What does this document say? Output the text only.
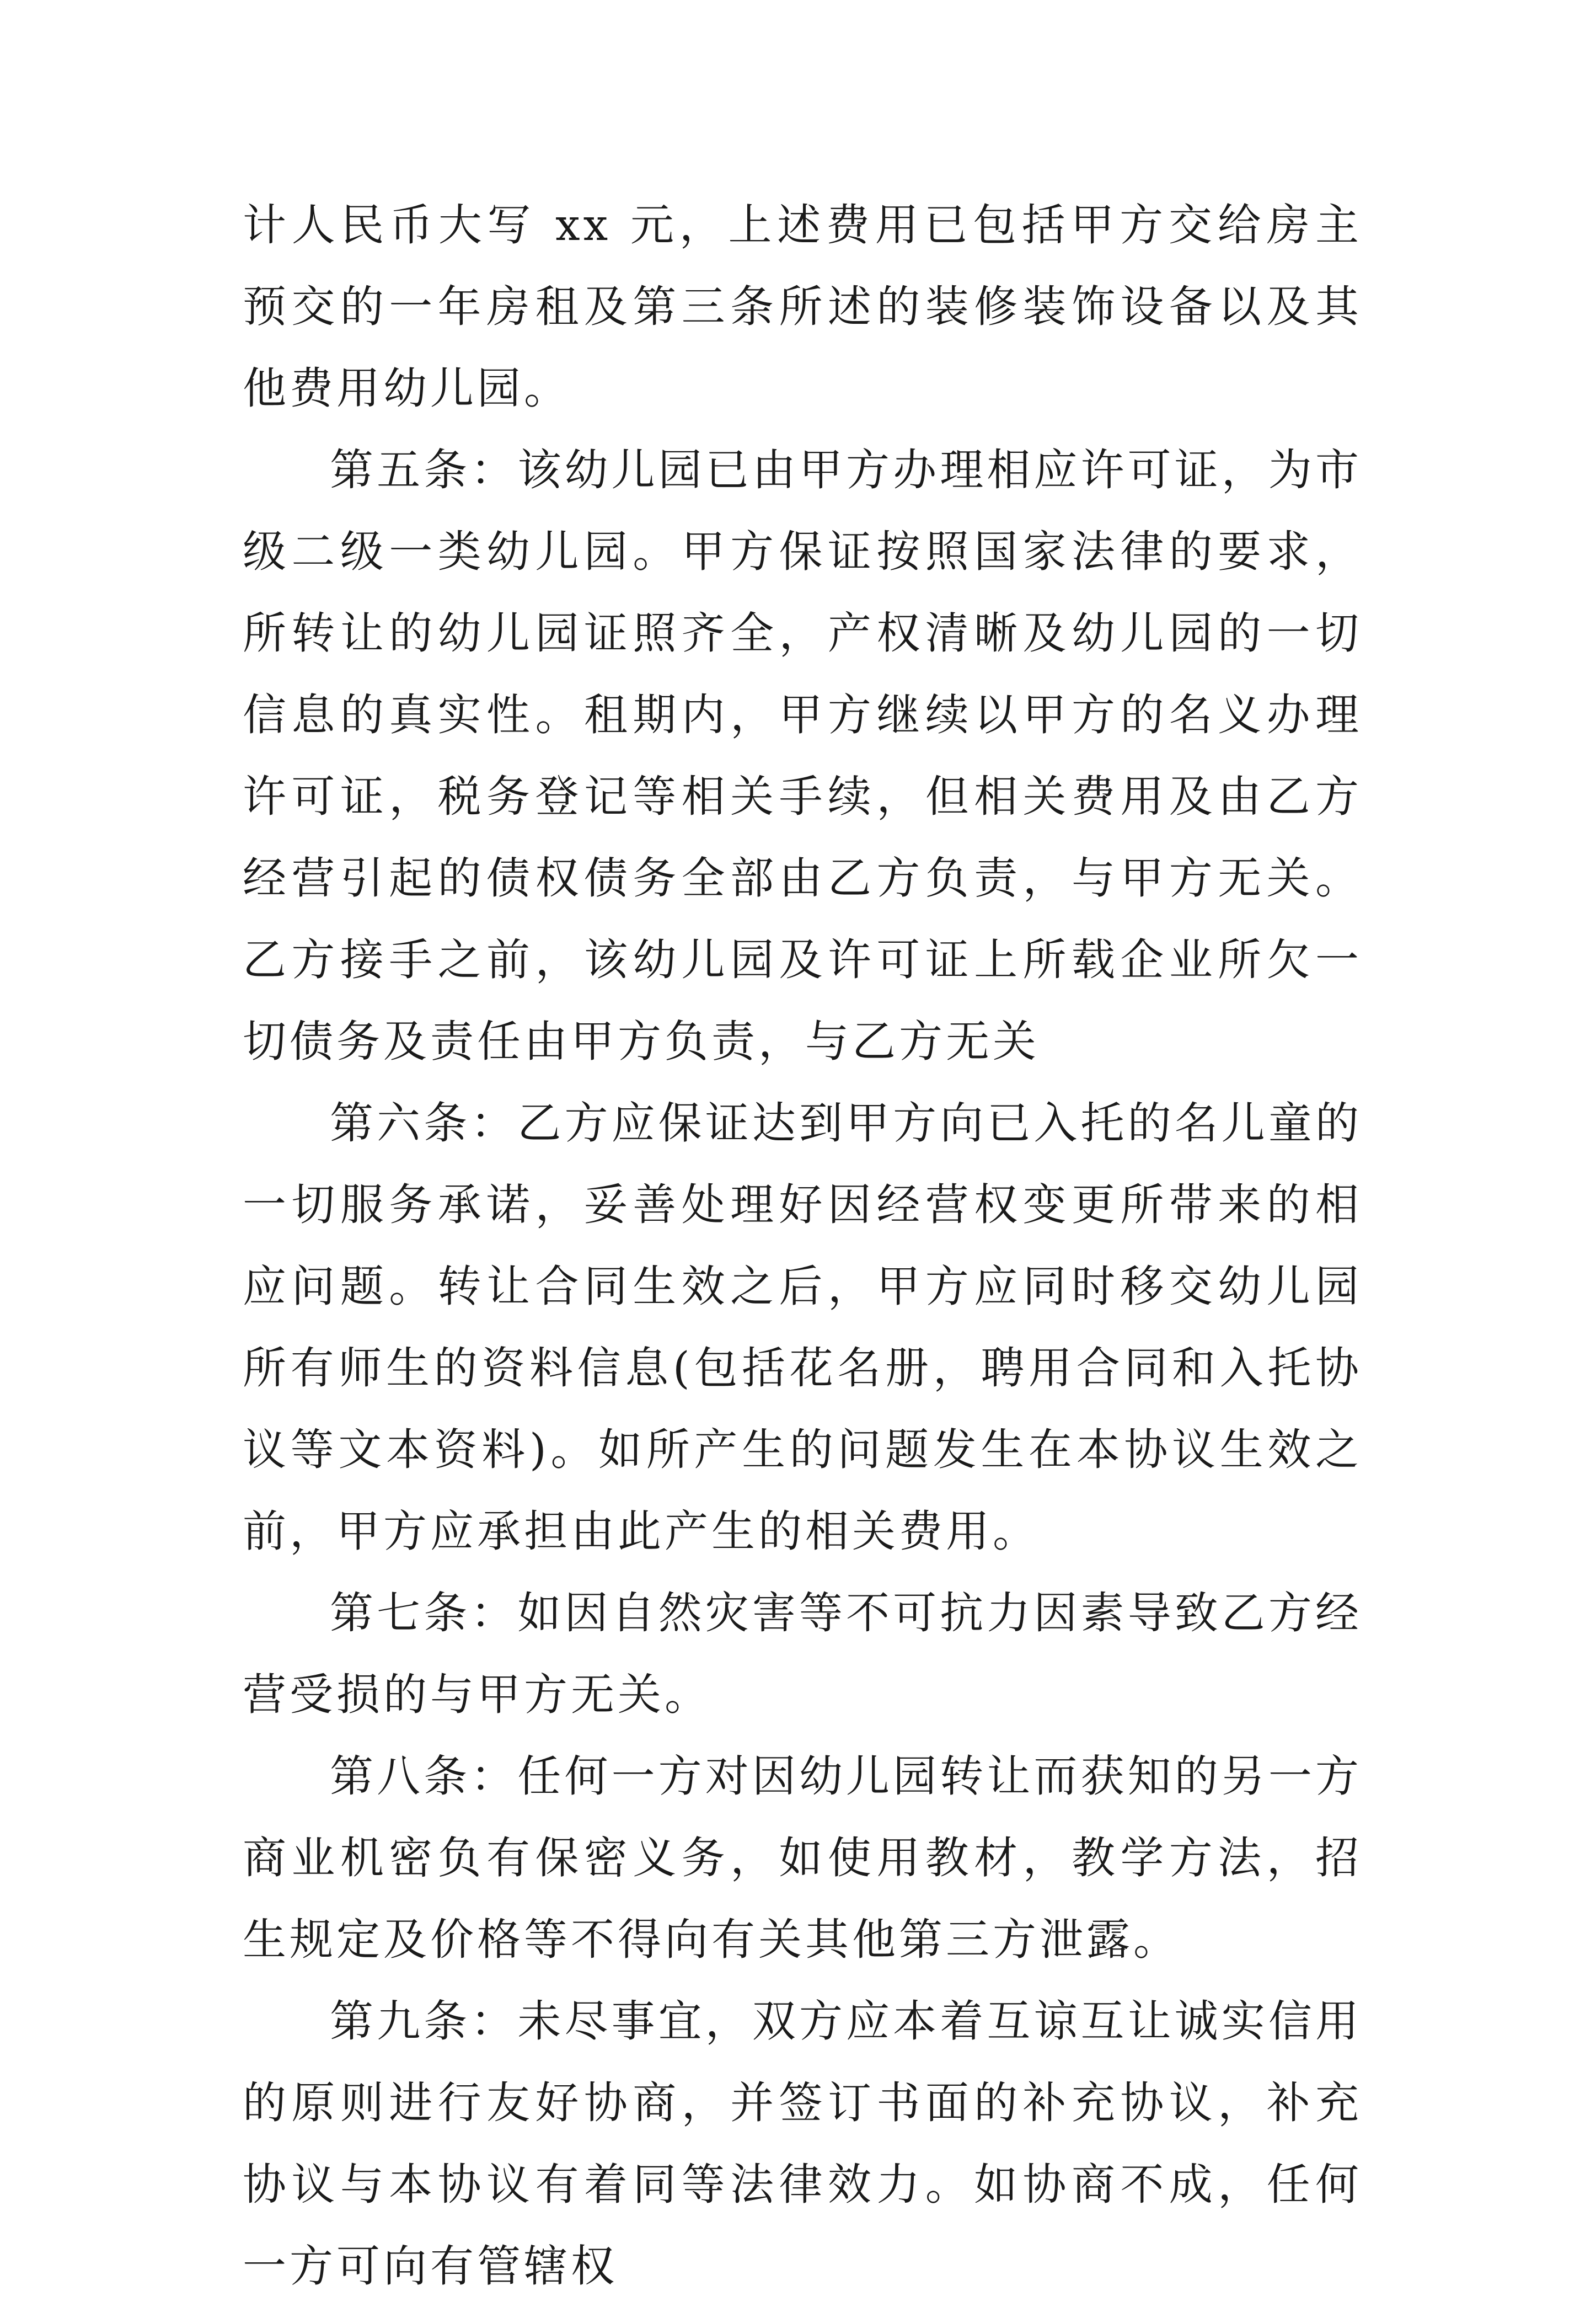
计人民币大写 xx 元，上述费用已包括甲方交给房主预交的一年房租及第三条所述的装修装饰设备以及其他费用幼儿园。

第五条：该幼儿园已由甲方办理相应许可证，为市级二级一类幼儿园。甲方保证按照国家法律的要求，所转让的幼儿园证照齐全，产权清晰及幼儿园的一切信息的真实性。租期内，甲方继续以甲方的名义办理许可证，税务登记等相关手续，但相关费用及由乙方经营引起的债权债务全部由乙方负责，与甲方无关。乙方接手之前，该幼儿园及许可证上所载企业所欠一切债务及责任由甲方负责，与乙方无关

第六条：乙方应保证达到甲方向已入托的名儿童的一切服务承诺，妥善处理好因经营权变更所带来的相应问题。转让合同生效之后，甲方应同时移交幼儿园所有师生的资料信息(包括花名册，聘用合同和入托协议等文本资料)。如所产生的问题发生在本协议生效之前，甲方应承担由此产生的相关费用。

第七条：如因自然灾害等不可抗力因素导致乙方经营受损的与甲方无关。

第八条：任何一方对因幼儿园转让而获知的另一方商业机密负有保密义务，如使用教材，教学方法，招生规定及价格等不得向有关其他第三方泄露。

第九条：未尽事宜，双方应本着互谅互让诚实信用的原则进行友好协商，并签订书面的补充协议，补充协议与本协议有着同等法律效力。如协商不成，任何一方可向有管辖权
